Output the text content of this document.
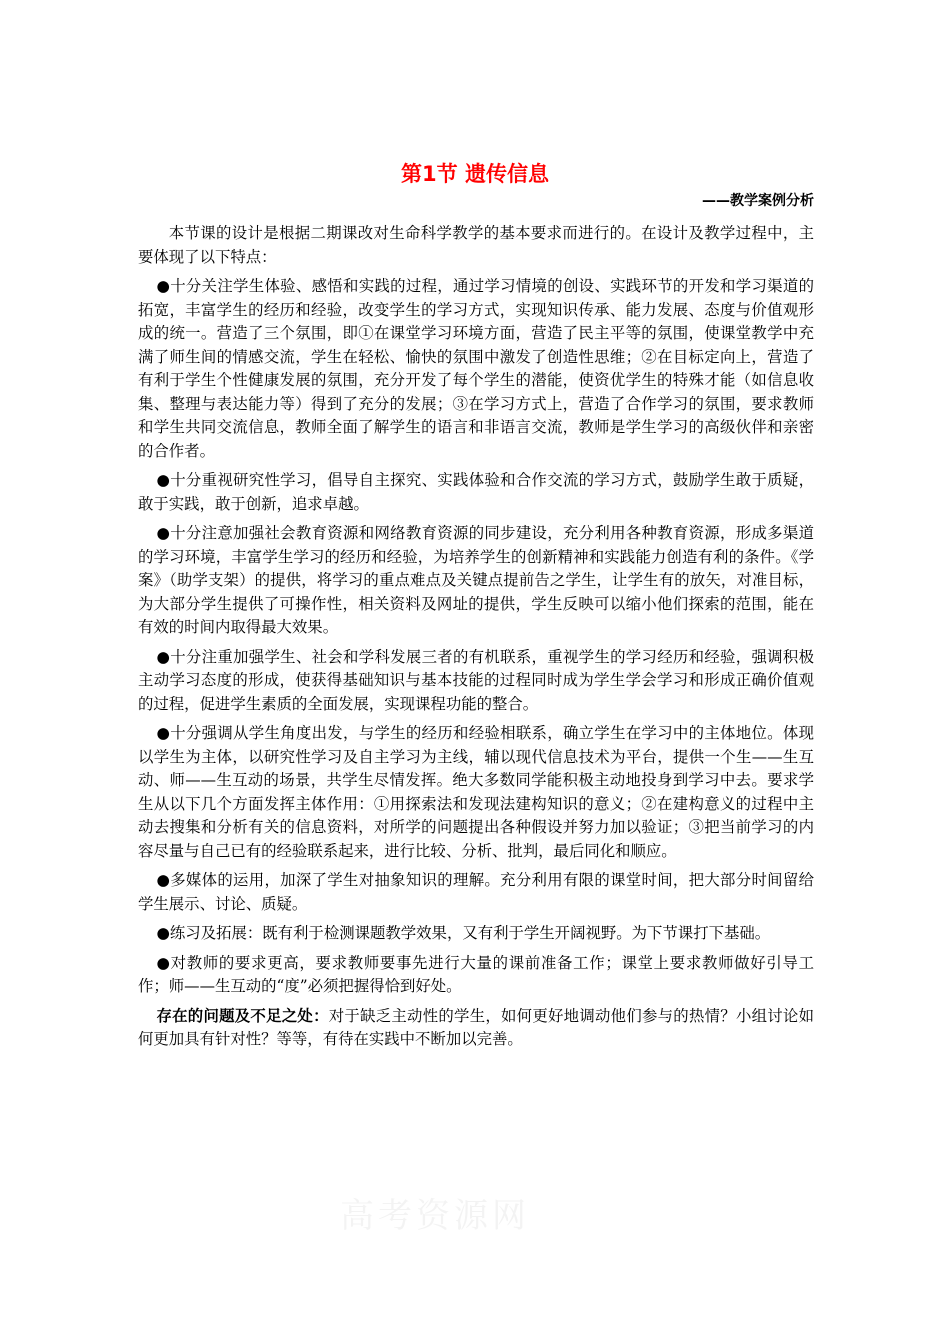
第1节 遗传信息
——教学案例分析

本节课的设计是根据二期课改对生命科学教学的基本要求而进行的。在设计及教学过程中，主要体现了以下特点：

●十分关注学生体验、感悟和实践的过程，通过学习情境的创设、实践环节的开发和学习渠道的拓宽，丰富学生的经历和经验，改变学生的学习方式，实现知识传承、能力发展、态度与价值观形成的统一。营造了三个氛围，即①在课堂学习环境方面，营造了民主平等的氛围，使课堂教学中充满了师生间的情感交流，学生在轻松、愉快的氛围中激发了创造性思维；②在目标定向上，营造了有利于学生个性健康发展的氛围，充分开发了每个学生的潜能，使资优学生的特殊才能（如信息收集、整理与表达能力等）得到了充分的发展；③在学习方式上，营造了合作学习的氛围，要求教师和学生共同交流信息，教师全面了解学生的语言和非语言交流，教师是学生学习的高级伙伴和亲密的合作者。

●十分重视研究性学习，倡导自主探究、实践体验和合作交流的学习方式，鼓励学生敢于质疑，敢于实践，敢于创新，追求卓越。

●十分注意加强社会教育资源和网络教育资源的同步建设，充分利用各种教育资源，形成多渠道的学习环境，丰富学生学习的经历和经验，为培养学生的创新精神和实践能力创造有利的条件。《学案》（助学支架）的提供，将学习的重点难点及关键点提前告之学生，让学生有的放矢，对准目标，为大部分学生提供了可操作性，相关资料及网址的提供，学生反映可以缩小他们探索的范围，能在有效的时间内取得最大效果。

●十分注重加强学生、社会和学科发展三者的有机联系，重视学生的学习经历和经验，强调积极主动学习态度的形成，使获得基础知识与基本技能的过程同时成为学生学会学习和形成正确价值观的过程，促进学生素质的全面发展，实现课程功能的整合。

●十分强调从学生角度出发，与学生的经历和经验相联系，确立学生在学习中的主体地位。体现以学生为主体，以研究性学习及自主学习为主线，辅以现代信息技术为平台，提供一个生——生互动、师——生互动的场景，共学生尽情发挥。绝大多数同学能积极主动地投身到学习中去。要求学生从以下几个方面发挥主体作用：①用探索法和发现法建构知识的意义；②在建构意义的过程中主动去搜集和分析有关的信息资料，对所学的问题提出各种假设并努力加以验证；③把当前学习的内容尽量与自己已有的经验联系起来，进行比较、分析、批判，最后同化和顺应。

●多媒体的运用，加深了学生对抽象知识的理解。充分利用有限的课堂时间，把大部分时间留给学生展示、讨论、质疑。

●练习及拓展：既有利于检测课题教学效果，又有利于学生开阔视野。为下节课打下基础。

●对教师的要求更高，要求教师要事先进行大量的课前准备工作；课堂上要求教师做好引导工作；师——生互动的“度”必须把握得恰到好处。

存在的问题及不足之处：对于缺乏主动性的学生，如何更好地调动他们参与的热情？小组讨论如何更加具有针对性？等等，有待在实践中不断加以完善。

高考资源网
